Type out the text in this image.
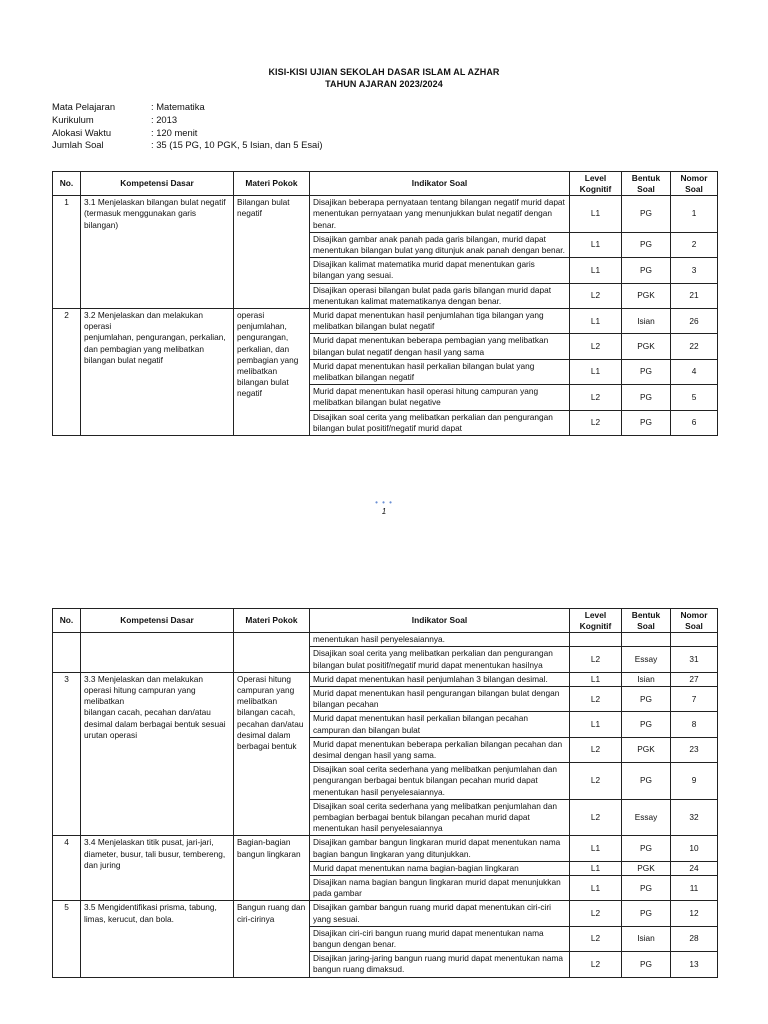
KISI-KISI UJIAN SEKOLAH DASAR ISLAM AL AZHAR
TAHUN AJARAN 2023/2024
Mata Pelajaran	: Matematika
Kurikulum	: 2013
Alokasi Waktu	: 120 menit
Jumlah Soal	: 35 (15 PG, 10 PGK, 5 Isian, dan 5 Esai)
No.	Kompetensi Dasar	Materi Pokok	Indikator Soal	Level Kognitif	Bentuk Soal	Nomor Soal
1	3.1 Menjelaskan bilangan bulat negatif (termasuk menggunakan garis bilangan)	Bilangan bulat negatif	Disajikan beberapa pernyataan tentang bilangan negatif murid dapat menentukan pernyataan yang menunjukkan bulat negatif dengan benar.	L1	PG	1
			Disajikan gambar anak panah pada garis bilangan, murid dapat menentukan bilangan bulat yang ditunjuk anak panah dengan benar.	L1	PG	2
			Disajikan kalimat matematika murid dapat menentukan garis bilangan yang sesuai.	L1	PG	3
			Disajikan operasi bilangan bulat pada garis bilangan murid dapat menentukan kalimat matematikanya dengan benar.	L2	PGK	21
2	3.2 Menjelaskan dan melakukan operasi
penjumlahan, pengurangan, perkalian, dan pembagian yang melibatkan bilangan bulat negatif	operasi penjumlahan, pengurangan, perkalian, dan pembagian yang melibatkan bilangan bulat negatif	Murid dapat menentukan hasil penjumlahan tiga bilangan yang melibatkan bilangan bulat negatif	L1	Isian	26
			Murid dapat menentukan beberapa pembagian yang melibatkan bilangan bulat negatif dengan hasil yang sama	L2	PGK	22
			Murid dapat menentukan hasil perkalian bilangan bulat yang melibatkan bilangan negatif	L1	PG	4
			Murid dapat menentukan hasil operasi hitung campuran yang melibatkan bilangan bulat negative	L2	PG	5
			Disajikan soal cerita yang melibatkan perkalian dan pengurangan bilangan bulat positif/negatif murid dapat	L2	PG	6
• • •
1
No.	Kompetensi Dasar	Materi Pokok	Indikator Soal	Level Kognitif	Bentuk Soal	Nomor Soal
			menentukan hasil penyelesaiannya.			
			Disajikan soal cerita yang melibatkan perkalian dan pengurangan bilangan bulat positif/negatif murid dapat menentukan hasilnya	L2	Essay	31
3	3.3 Menjelaskan dan melakukan operasi hitung campuran yang melibatkan
bilangan cacah, pecahan dan/atau desimal dalam berbagai bentuk sesuai
urutan operasi	Operasi hitung campuran yang melibatkan bilangan cacah, pecahan dan/atau desimal dalam berbagai bentuk	Murid dapat menentukan hasil penjumlahan 3 bilangan desimal.	L1	Isian	27
			Murid dapat menentukan hasil pengurangan bilangan bulat dengan bilangan pecahan	L2	PG	7
			Murid dapat menentukan hasil perkalian bilangan pecahan campuran dan bilangan bulat	L1	PG	8
			Murid dapat menentukan beberapa perkalian bilangan pecahan dan desimal dengan hasil yang sama.	L2	PGK	23
			Disajikan soal cerita sederhana yang melibatkan penjumlahan dan pengurangan berbagai bentuk bilangan pecahan murid dapat menentukan hasil penyelesaiannya.	L2	PG	9
			Disajikan soal cerita sederhana yang melibatkan penjumlahan dan pembagian berbagai bentuk bilangan pecahan murid dapat menentukan hasil penyelesaiannya	L2	Essay	32
4	3.4 Menjelaskan titik pusat, jari-jari, diameter, busur, tali busur, tembereng, dan juring	Bagian-bagian bangun lingkaran	Disajikan gambar bangun lingkaran murid dapat menentukan nama bagian bangun lingkaran yang ditunjukkan.	L1	PG	10
			Murid dapat menentukan nama bagian-bagian lingkaran	L1	PGK	24
			Disajikan nama bagian bangun lingkaran murid dapat menunjukkan pada gambar	L1	PG	11
5	3.5 Mengidentifikasi prisma, tabung, limas, kerucut, dan bola.	Bangun ruang dan ciri-cirinya	Disajikan gambar bangun ruang murid dapat menentukan ciri-ciri yang sesuai.	L2	PG	12
			Disajikan ciri-ciri bangun ruang murid dapat menentukan nama bangun dengan benar.	L2	Isian	28
			Disajikan jaring-jaring bangun ruang murid dapat menentukan nama bangun ruang dimaksud.	L2	PG	13
